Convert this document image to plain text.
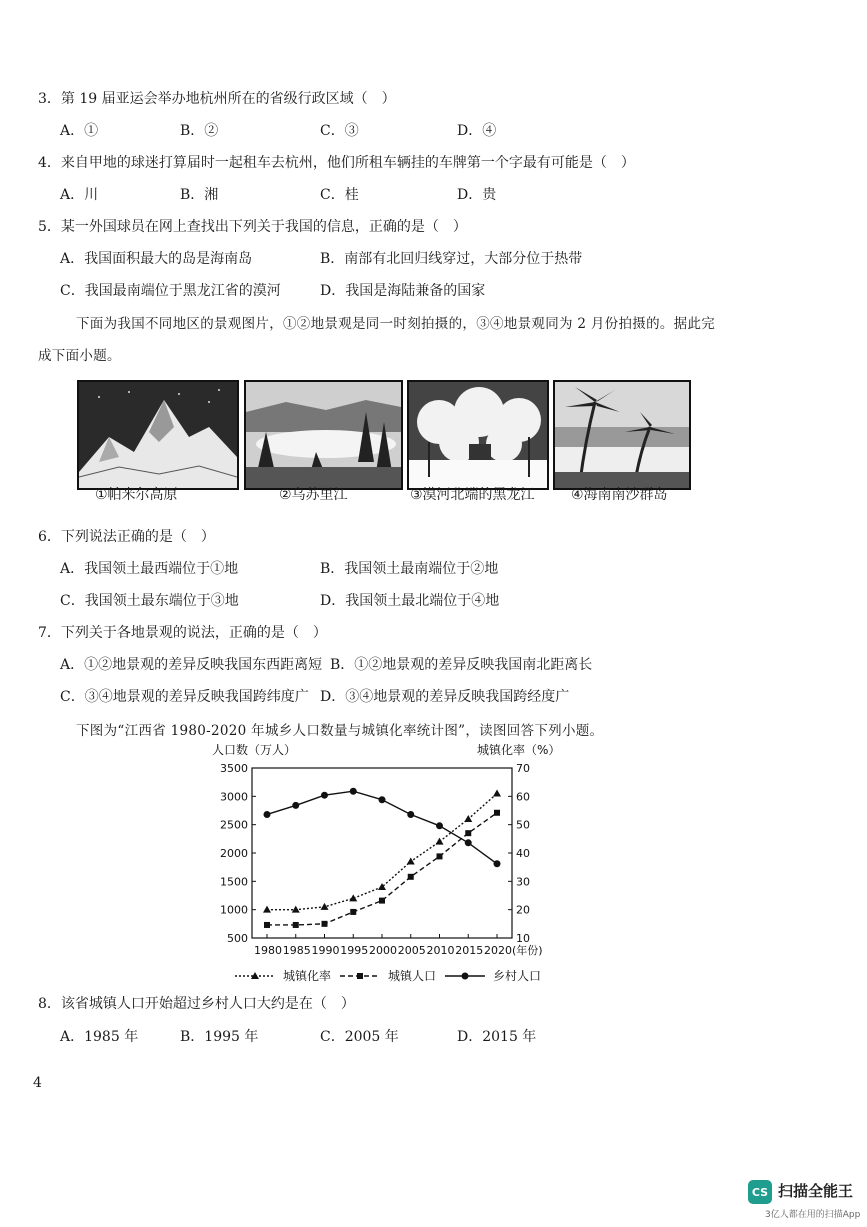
3．第 19 届亚运会举办地杭州所在的省级行政区域（　）
A．①	B．②	C．③	D．④
4．来自甲地的球迷打算届时一起租车去杭州，他们所租车辆挂的车牌第一个字最有可能是（　）
A．川	B．湘	C．桂	D．贵
5．某一外国球员在网上查找出下列关于我国的信息，正确的是（　）
A．我国面积最大的岛是海南岛	B．南部有北回归线穿过，大部分位于热带
C．我国最南端位于黑龙江省的漠河	D．我国是海陆兼备的国家
下面为我国不同地区的景观图片，①②地景观是同一时刻拍摄的，③④地景观同为 2 月份拍摄的。据此完
成下面小题。
①帕米尔高原	②乌苏里江	③漠河北端的黑龙江	④海南南沙群岛
6．下列说法正确的是（　）
A．我国领土最西端位于①地	B．我国领土最南端位于②地
C．我国领土最东端位于③地	D．我国领土最北端位于④地
7．下列关于各地景观的说法，正确的是（　）
A．①②地景观的差异反映我国东西距离短 B．①②地景观的差异反映我国南北距离长
C．③④地景观的差异反映我国跨纬度广 D．③④地景观的差异反映我国跨经度广
下图为“江西省 1980-2020 年城乡人口数量与城镇化率统计图”，读图回答下列小题。
500
1000
1500
2000
2500
3000
3500
10
20
30
40
50
60
70
1980 1985 1990 1995 2000 2005 2010 2015 2020(年份)
人口数（万人）	城镇化率（%）
城镇化率	城镇人口	乡村人口
8．该省城镇人口开始超过乡村人口大约是在（　）
A．1985 年	B．1995 年	C．2005 年	D．2015 年
4
CS 扫描全能王
3亿人都在用的扫描App
